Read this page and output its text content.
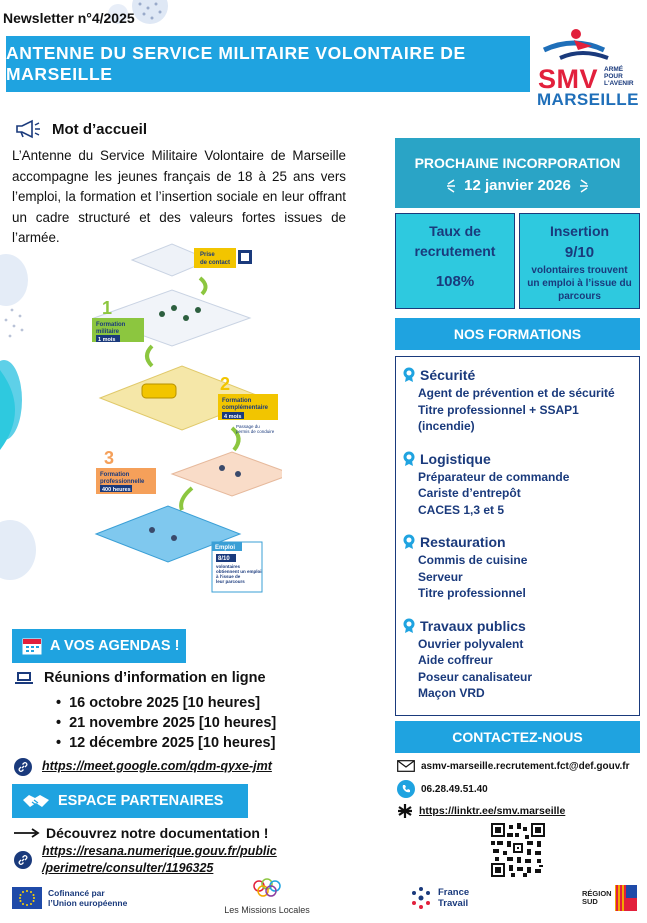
Newsletter n°4/2025
ANTENNE DU SERVICE MILITAIRE VOLONTAIRE DE MARSEILLE	SMV ARMÉ
POUR
L'AVENIR
MARSEILLE
Mot d’accueil

L’Antenne du Service Militaire Volontaire de Marseille accompagne les jeunes français de 18 à 25 ans vers l’emploi, la formation et l’insertion sociale en leur offrant un cadre structuré et des valeurs fortes issues de l’armée.

Prise
de contact
1
Formation
militaire
1 mois
2
Formation
complémentaire
4 mois
Passage du
permis de conduire
3
Formation
professionnelle
400 heures
Emploi
8/10
volontaires
obtiennent un emploi
à l’issue de
leur parcours
A VOS AGENDAS !
Réunions d’information en ligne
• 16 octobre 2025 [10 heures]
• 21 novembre 2025 [10 heures]
• 12 décembre 2025 [10 heures]
https://meet.google.com/qdm-qyxe-jmt
ESPACE PARTENAIRES
Découvrez notre documentation !
https://resana.numerique.gouv.fr/public
/perimetre/consulter/1196325
PROCHAINE INCORPORATION
12 janvier 2026
Taux de
recrutement
108%
Insertion
9/10
volontaires trouvent un emploi à l’issue du parcours
NOS FORMATIONS
Sécurité
Agent de prévention et de sécurité
Titre professionnel + SSAP1
(incendie)
Logistique
Préparateur de commande
Cariste d’entrepôt
CACES 1,3 et 5
Restauration
Commis de cuisine
Serveur
Titre professionnel
Travaux publics
Ouvrier polyvalent
Aide coffreur
Poseur canalisateur
Maçon VRD
CONTACTEZ-NOUS
asmv-marseille.recrutement.fct@def.gouv.fr
06.28.49.51.40
https://linktr.ee/smv.marseille
Cofinancé par
l’Union européenne
Les Missions Locales
France
Travail
RÉGION
SUD
